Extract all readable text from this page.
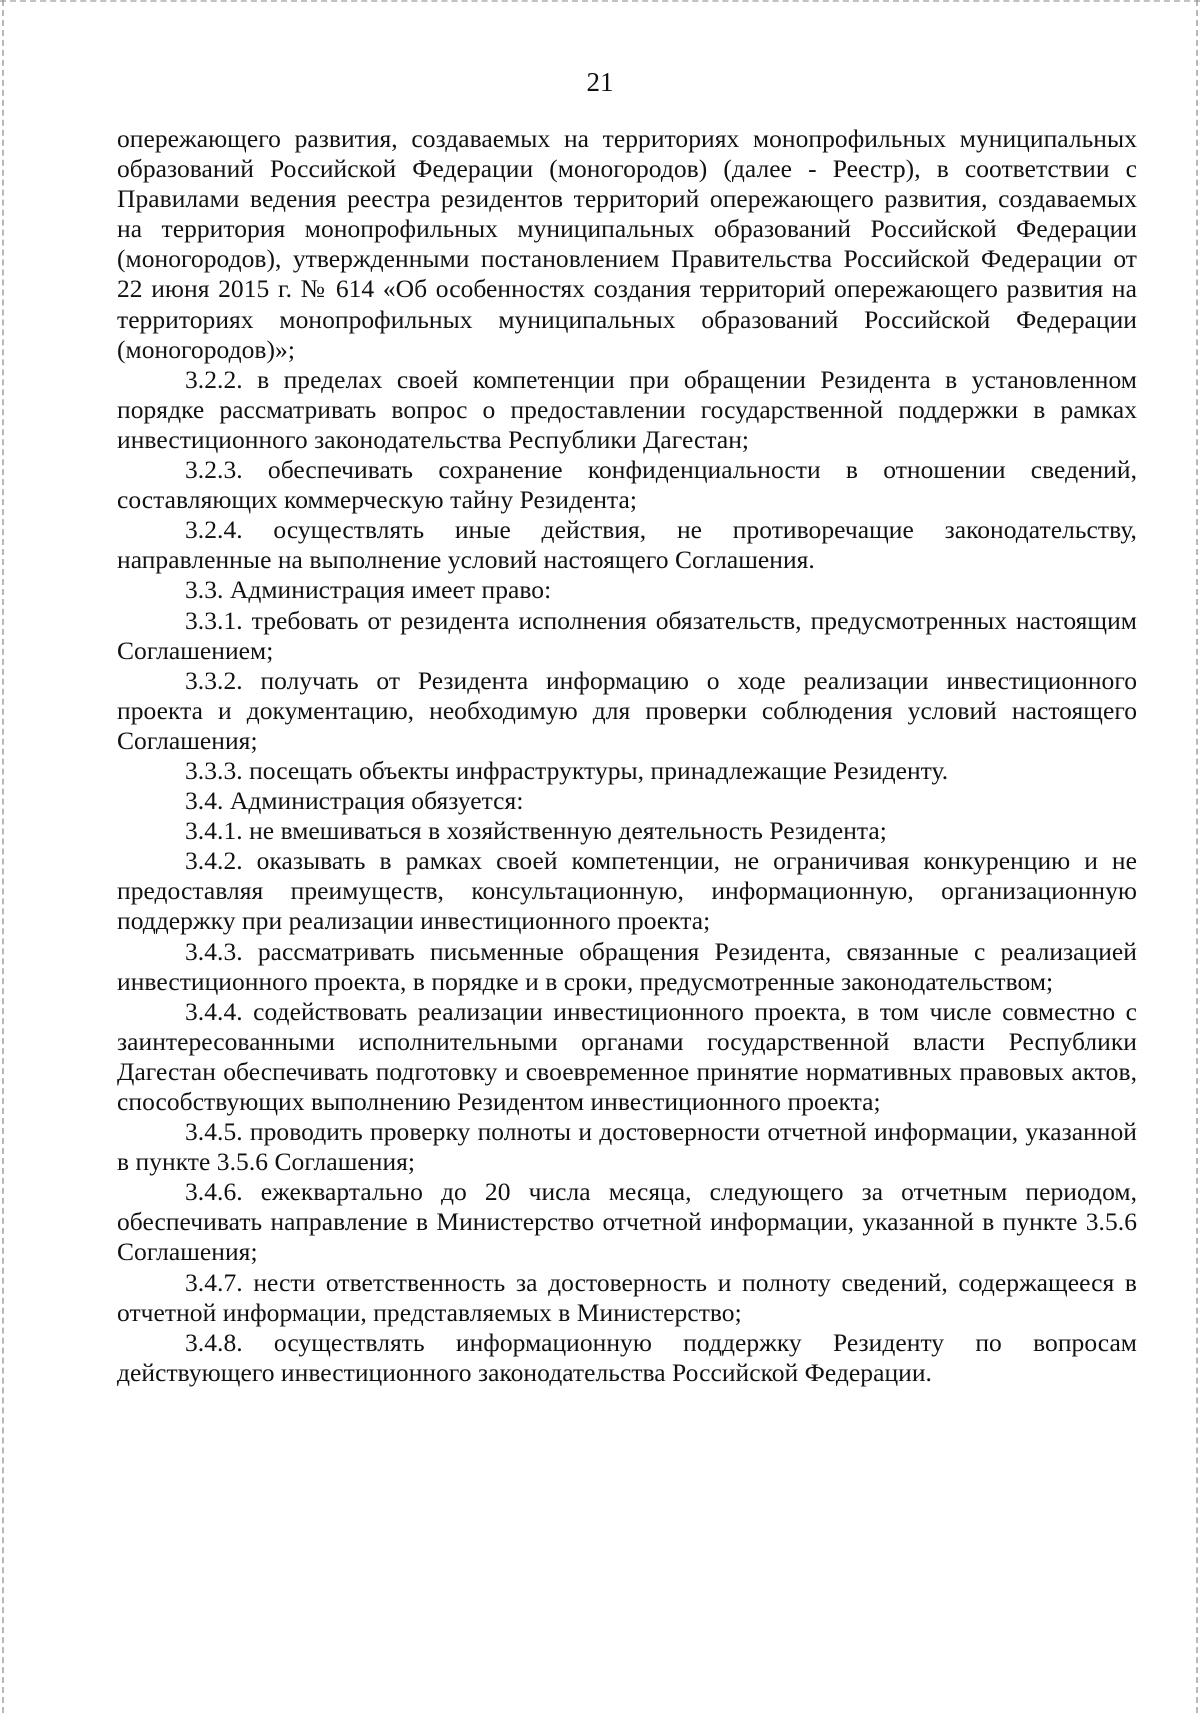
21

опережающего развития, создаваемых на территориях монопрофильных муниципальных образований Российской Федерации (моногородов) (далее - Реестр), в соответствии с Правилами ведения реестра резидентов территорий опережающего развития, создаваемых на территория монопрофильных муниципальных образований Российской Федерации (моногородов), утвержденными постановлением Правительства Российской Федерации от 22 июня 2015 г. № 614 «Об особенностях создания территорий опережающего развития на территориях монопрофильных муниципальных образований Российской Федерации (моногородов)»;

3.2.2. в пределах своей компетенции при обращении Резидента в установленном порядке рассматривать вопрос о предоставлении государственной поддержки в рамках инвестиционного законодательства Республики Дагестан;

3.2.3. обеспечивать сохранение конфиденциальности в отношении сведений, составляющих коммерческую тайну Резидента;

3.2.4. осуществлять иные действия, не противоречащие законодательству, направленные на выполнение условий настоящего Соглашения.

3.3. Администрация имеет право:

3.3.1. требовать от резидента исполнения обязательств, предусмотренных настоящим Соглашением;

3.3.2. получать от Резидента информацию о ходе реализации инвестиционного проекта и документацию, необходимую для проверки соблюдения условий настоящего Соглашения;

3.3.3. посещать объекты инфраструктуры, принадлежащие Резиденту.

3.4. Администрация обязуется:

3.4.1. не вмешиваться в хозяйственную деятельность Резидента;

3.4.2. оказывать в рамках своей компетенции, не ограничивая конкуренцию и не предоставляя преимуществ, консультационную, информационную, организационную поддержку при реализации инвестиционного проекта;

3.4.3. рассматривать письменные обращения Резидента, связанные с реализацией инвестиционного проекта, в порядке и в сроки, предусмотренные законодательством;

3.4.4. содействовать реализации инвестиционного проекта, в том числе совместно с заинтересованными исполнительными органами государственной власти Республики Дагестан обеспечивать подготовку и своевременное принятие нормативных правовых актов, способствующих выполнению Резидентом инвестиционного проекта;

3.4.5. проводить проверку полноты и достоверности отчетной информации, указанной в пункте 3.5.6 Соглашения;

3.4.6. ежеквартально до 20 числа месяца, следующего за отчетным периодом, обеспечивать направление в Министерство отчетной информации, указанной в пункте 3.5.6 Соглашения;

3.4.7. нести ответственность за достоверность и полноту сведений, содержащееся в отчетной информации, представляемых в Министерство;

3.4.8. осуществлять информационную поддержку Резиденту по вопросам действующего инвестиционного законодательства Российской Федерации.
